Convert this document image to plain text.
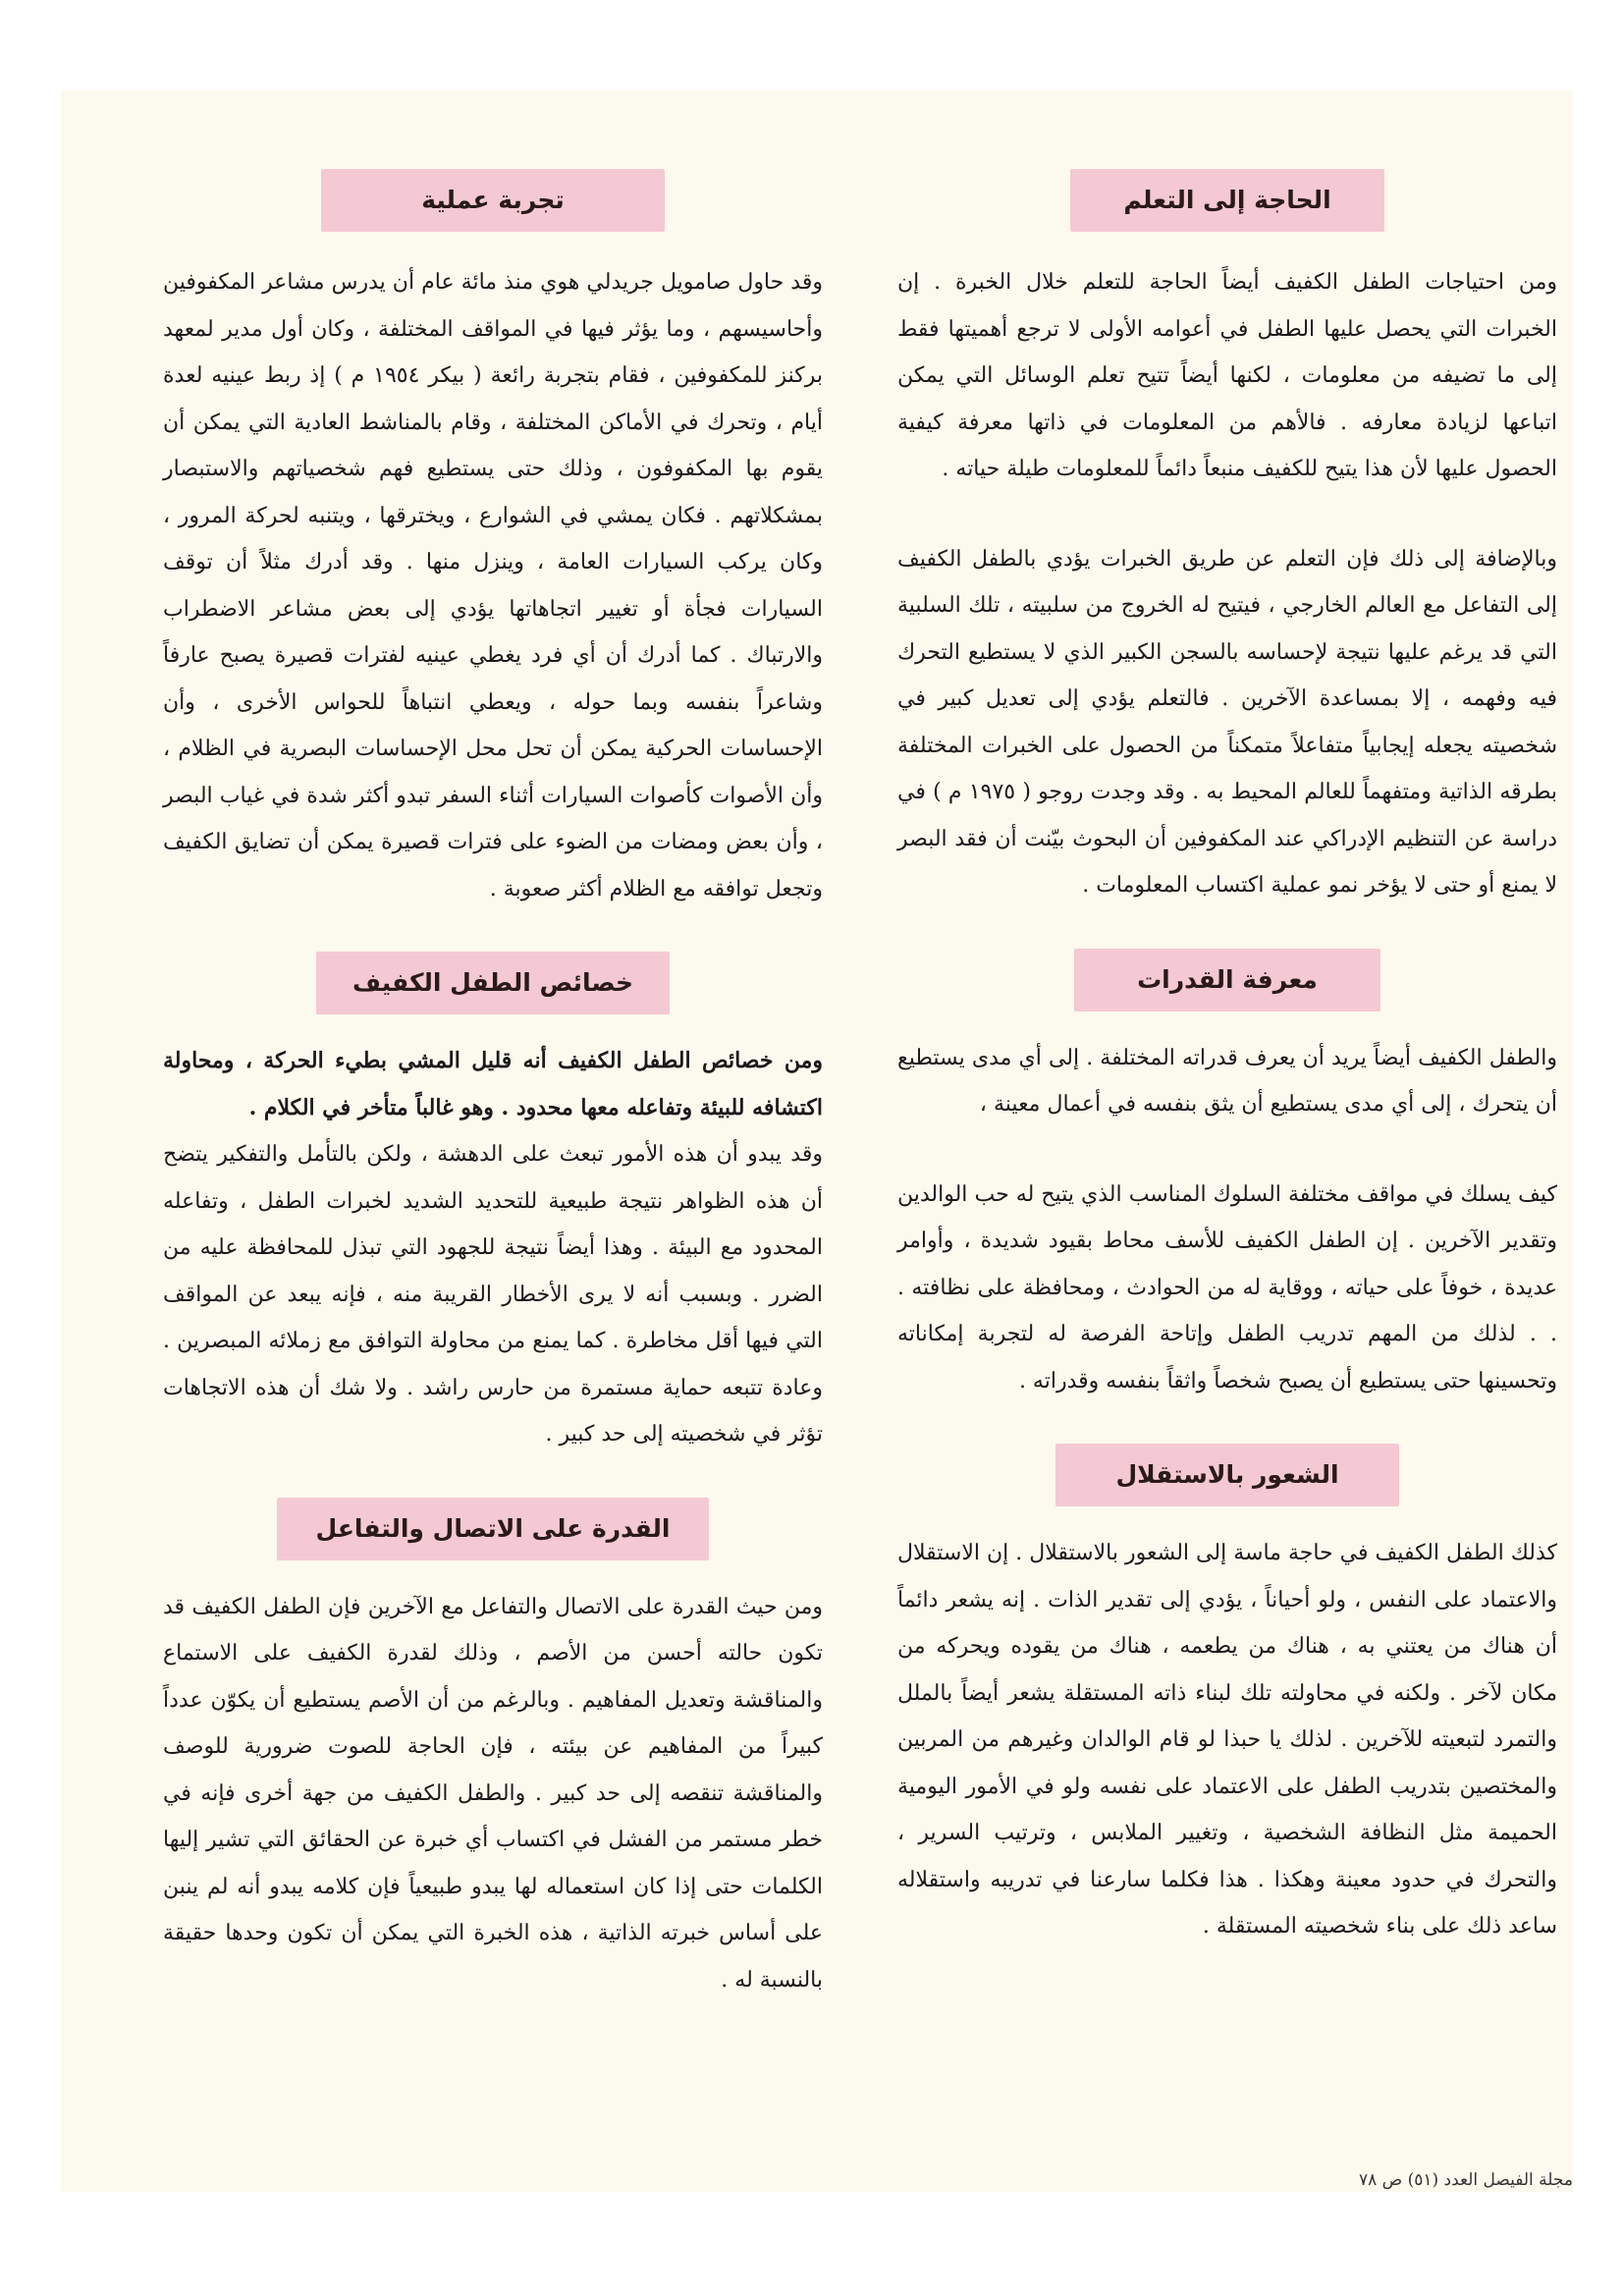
الحاجة إلى التعلم

ومن احتياجات الطفل الكفيف أيضاً الحاجة للتعلم خلال الخبرة . إن الخبرات التي يحصل عليها الطفل في أعوامه الأولى لا ترجع أهميتها فقط إلى ما تضيفه من معلومات ، لكنها أيضاً تتيح تعلم الوسائل التي يمكن اتباعها لزيادة معارفه . فالأهم من المعلومات في ذاتها معرفة كيفية الحصول عليها لأن هذا يتيح للكفيف منبعاً دائماً للمعلومات طيلة حياته .

وبالإضافة إلى ذلك فإن التعلم عن طريق الخبرات يؤدي بالطفل الكفيف إلى التفاعل مع العالم الخارجي ، فيتيح له الخروج من سلبيته ، تلك السلبية التي قد يرغم عليها نتيجة لإحساسه بالسجن الكبير الذي لا يستطيع التحرك فيه وفهمه ، إلا بمساعدة الآخرين . فالتعلم يؤدي إلى تعديل كبير في شخصيته يجعله إيجابياً متفاعلاً متمكناً من الحصول على الخبرات المختلفة بطرقه الذاتية ومتفهماً للعالم المحيط به . وقد وجدت روجو ( ١٩٧٥ م ) في دراسة عن التنظيم الإدراكي عند المكفوفين أن البحوث بيّنت أن فقد البصر لا يمنع أو حتى لا يؤخر نمو عملية اكتساب المعلومات .

معرفة القدرات

والطفل الكفيف أيضاً يريد أن يعرف قدراته المختلفة . إلى أي مدى يستطيع أن يتحرك ، إلى أي مدى يستطيع أن يثق بنفسه في أعمال معينة ،

كيف يسلك في مواقف مختلفة السلوك المناسب الذي يتيح له حب الوالدين وتقدير الآخرين . إن الطفل الكفيف للأسف محاط بقيود شديدة ، وأوامر عديدة ، خوفاً على حياته ، ووقاية له من الحوادث ، ومحافظة على نظافته . . . لذلك من المهم تدريب الطفل وإتاحة الفرصة له لتجربة إمكاناته وتحسينها حتى يستطيع أن يصبح شخصاً واثقاً بنفسه وقدراته .

الشعور بالاستقلال

كذلك الطفل الكفيف في حاجة ماسة إلى الشعور بالاستقلال . إن الاستقلال والاعتماد على النفس ، ولو أحياناً ، يؤدي إلى تقدير الذات . إنه يشعر دائماً أن هناك من يعتني به ، هناك من يطعمه ، هناك من يقوده ويحركه من مكان لآخر . ولكنه في محاولته تلك لبناء ذاته المستقلة يشعر أيضاً بالملل والتمرد لتبعيته للآخرين . لذلك يا حبذا لو قام الوالدان وغيرهم من المربين والمختصين بتدريب الطفل على الاعتماد على نفسه ولو في الأمور اليومية الحميمة مثل النظافة الشخصية ، وتغيير الملابس ، وترتيب السرير ، والتحرك في حدود معينة وهكذا . هذا فكلما سارعنا في تدريبه واستقلاله ساعد ذلك على بناء شخصيته المستقلة .

تجربة عملية

وقد حاول صامويل جريدلي هوي منذ مائة عام أن يدرس مشاعر المكفوفين وأحاسيسهم ، وما يؤثر فيها في المواقف المختلفة ، وكان أول مدير لمعهد بركنز للمكفوفين ، فقام بتجربة رائعة ( بيكر ١٩٥٤ م ) إذ ربط عينيه لعدة أيام ، وتحرك في الأماكن المختلفة ، وقام بالمناشط العادية التي يمكن أن يقوم بها المكفوفون ، وذلك حتى يستطيع فهم شخصياتهم والاستبصار بمشكلاتهم . فكان يمشي في الشوارع ، ويخترقها ، ويتنبه لحركة المرور ، وكان يركب السيارات العامة ، وينزل منها . وقد أدرك مثلاً أن توقف السيارات فجأة أو تغيير اتجاهاتها يؤدي إلى بعض مشاعر الاضطراب والارتباك . كما أدرك أن أي فرد يغطي عينيه لفترات قصيرة يصبح عارفاً وشاعراً بنفسه وبما حوله ، ويعطي انتباهاً للحواس الأخرى ، وأن الإحساسات الحركية يمكن أن تحل محل الإحساسات البصرية في الظلام ، وأن الأصوات كأصوات السيارات أثناء السفر تبدو أكثر شدة في غياب البصر ، وأن بعض ومضات من الضوء على فترات قصيرة يمكن أن تضايق الكفيف وتجعل توافقه مع الظلام أكثر صعوبة .

خصائص الطفل الكفيف

ومن خصائص الطفل الكفيف أنه قليل المشي بطيء الحركة ، ومحاولة اكتشافه للبيئة وتفاعله معها محدود . وهو غالباً متأخر في الكلام .

وقد يبدو أن هذه الأمور تبعث على الدهشة ، ولكن بالتأمل والتفكير يتضح أن هذه الظواهر نتيجة طبيعية للتحديد الشديد لخبرات الطفل ، وتفاعله المحدود مع البيئة . وهذا أيضاً نتيجة للجهود التي تبذل للمحافظة عليه من الضرر . وبسبب أنه لا يرى الأخطار القريبة منه ، فإنه يبعد عن المواقف التي فيها أقل مخاطرة . كما يمنع من محاولة التوافق مع زملائه المبصرين . وعادة تتبعه حماية مستمرة من حارس راشد . ولا شك أن هذه الاتجاهات تؤثر في شخصيته إلى حد كبير .

القدرة على الاتصال والتفاعل

ومن حيث القدرة على الاتصال والتفاعل مع الآخرين فإن الطفل الكفيف قد تكون حالته أحسن من الأصم ، وذلك لقدرة الكفيف على الاستماع والمناقشة وتعديل المفاهيم . وبالرغم من أن الأصم يستطيع أن يكوّن عدداً كبيراً من المفاهيم عن بيئته ، فإن الحاجة للصوت ضرورية للوصف والمناقشة تنقصه إلى حد كبير . والطفل الكفيف من جهة أخرى فإنه في خطر مستمر من الفشل في اكتساب أي خبرة عن الحقائق التي تشير إليها الكلمات حتى إذا كان استعماله لها يبدو طبيعياً فإن كلامه يبدو أنه لم ينبن على أساس خبرته الذاتية ، هذه الخبرة التي يمكن أن تكون وحدها حقيقة بالنسبة له .

مجلة الفيصل العدد (٥١) ص ٧٨
